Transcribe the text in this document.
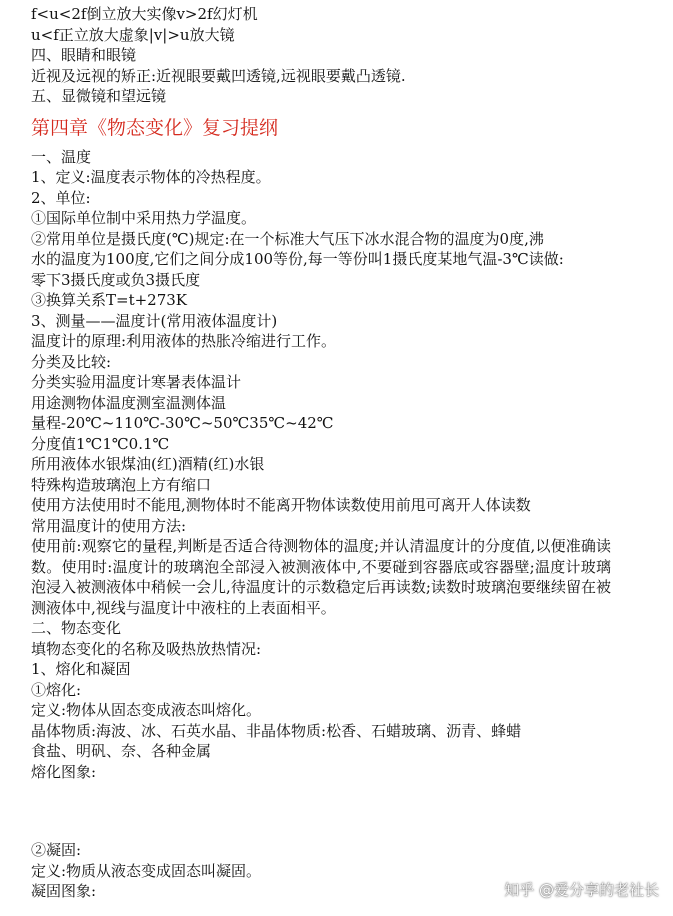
f<u<2f倒立放大实像v>2f幻灯机
u<f正立放大虚象|v|>u放大镜
四、眼睛和眼镜
近视及远视的矫正:近视眼要戴凹透镜,远视眼要戴凸透镜.
五、显微镜和望远镜
第四章《物态变化》复习提纲
一、温度
1、定义:温度表示物体的冷热程度。
2、单位:
①国际单位制中采用热力学温度。
②常用单位是摄氏度(℃)规定:在一个标准大气压下冰水混合物的温度为0度,沸
水的温度为100度,它们之间分成100等份,每一等份叫1摄氏度某地气温-3℃读做:
零下3摄氏度或负3摄氏度
③换算关系T=t+273K
3、测量——温度计(常用液体温度计)
温度计的原理:利用液体的热胀冷缩进行工作。
分类及比较:
分类实验用温度计寒暑表体温计
用途测物体温度测室温测体温
量程-20℃~110℃-30℃~50℃35℃~42℃
分度值1℃1℃0.1℃
所用液体水银煤油(红)酒精(红)水银
特殊构造玻璃泡上方有缩口
使用方法使用时不能甩,测物体时不能离开物体读数使用前甩可离开人体读数
常用温度计的使用方法:
使用前:观察它的量程,判断是否适合待测物体的温度;并认清温度计的分度值,以便准确读数。使用时:温度计的玻璃泡全部浸入被测液体中,不要碰到容器底或容器壁;温度计玻璃泡浸入被测液体中稍候一会儿,待温度计的示数稳定后再读数;读数时玻璃泡要继续留在被测液体中,视线与温度计中液柱的上表面相平。
二、物态变化
填物态变化的名称及吸热放热情况:
1、熔化和凝固
①熔化:
定义:物体从固态变成液态叫熔化。
晶体物质:海波、冰、石英水晶、非晶体物质:松香、石蜡玻璃、沥青、蜂蜡
食盐、明矾、奈、各种金属
熔化图象:
②凝固:
定义:物质从液态变成固态叫凝固。
凝固图象:	知乎 @爱分享的老社长
